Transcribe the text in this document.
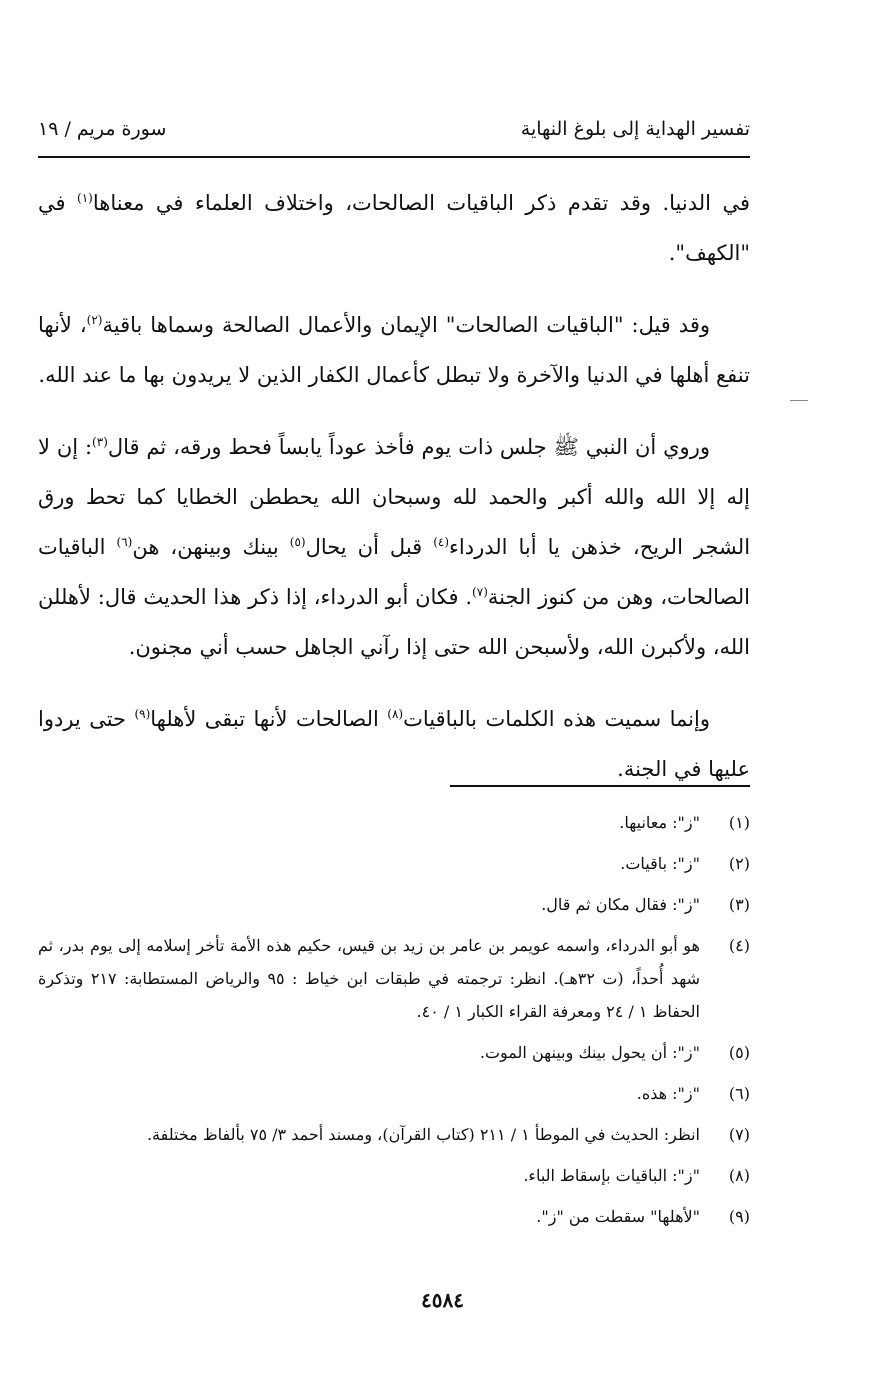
تفسير الهداية إلى بلوغ النهاية
سورة مريم / ١٩

في الدنيا. وقد تقدم ذكر الباقيات الصالحات، واختلاف العلماء في معناها$^{(١)}$ في "الكهف".

وقد قيل: "الباقيات الصالحات" الإيمان والأعمال الصالحة وسماها باقية$^{(٢)}$، لأنها تنفع أهلها في الدنيا والآخرة ولا تبطل كأعمال الكفار الذين لا يريدون بها ما عند الله.

وروي أن النبي ﷺ جلس ذات يوم فأخذ عوداً يابساً فحط ورقه، ثم قال$^{(٣)}$: إن لا إله إلا الله والله أكبر والحمد لله وسبحان الله يحططن الخطايا كما تحط ورق الشجر الريح، خذهن يا أبا الدرداء$^{(٤)}$ قبل أن يحال$^{(٥)}$ بينك وبينهن، هن$^{(٦)}$ الباقيات الصالحات، وهن من كنوز الجنة$^{(٧)}$. فكان أبو الدرداء، إذا ذكر هذا الحديث قال: لأهللن الله، ولأكبرن الله، ولأسبحن الله حتى إذا رآني الجاهل حسب أني مجنون.

وإنما سميت هذه الكلمات بالباقيات$^{(٨)}$ الصالحات لأنها تبقى لأهلها$^{(٩)}$ حتى يردوا عليها في الجنة.

(١)
"ز": معانيها.
(٢)
"ز": باقيات.
(٣)
"ز": فقال مكان ثم قال.
(٤)
هو أبو الدرداء، واسمه عويمر بن عامر بن زيد بن قيس، حكيم هذه الأمة تأخر إسلامه إلى يوم بدر، ثم شهد أُحداً، (ت ٣٢هـ). انظر: ترجمته في طبقات ابن خياط : ٩٥ والرياض المستطابة: ٢١٧ وتذكرة الحفاظ ١ / ٢٤ ومعرفة القراء الكبار ١ / ٤٠.
(٥)
"ز": أن يحول بينك وبينهن الموت.
(٦)
"ز": هذه.
(٧)
انظر: الحديث في الموطأ ١ / ٢١١ (كتاب القرآن)، ومسند أحمد ٣/ ٧٥ بألفاظ مختلفة.
(٨)
"ز": الباقيات بإسقاط الباء.
(٩)
"لأهلها" سقطت من "ز".
٤٥٨٤
